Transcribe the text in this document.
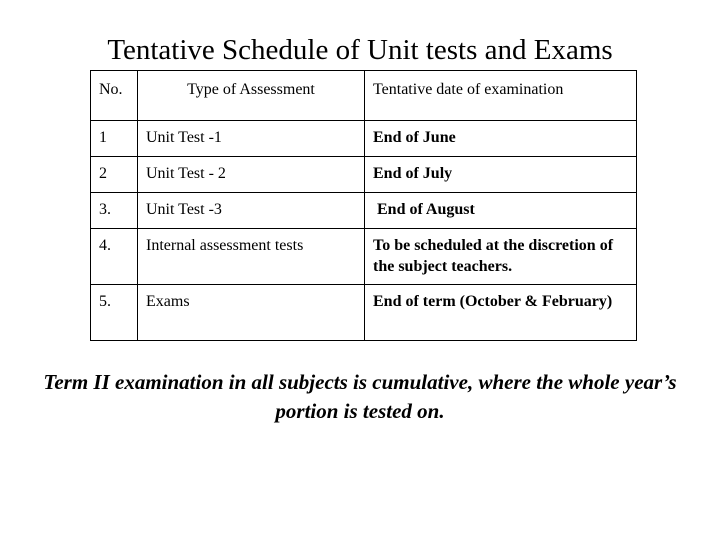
Tentative Schedule of Unit tests and Exams
No.	Type of Assessment	Tentative date of examination
1	Unit Test -1	End of June
2	Unit Test - 2	End of July
3.	Unit Test -3	End of August
4.	Internal assessment tests	To be scheduled at the discretion of the subject teachers.
5.	Exams	End of term (October & February)

Term II examination in all subjects is cumulative, where the whole year’s portion is tested on.
